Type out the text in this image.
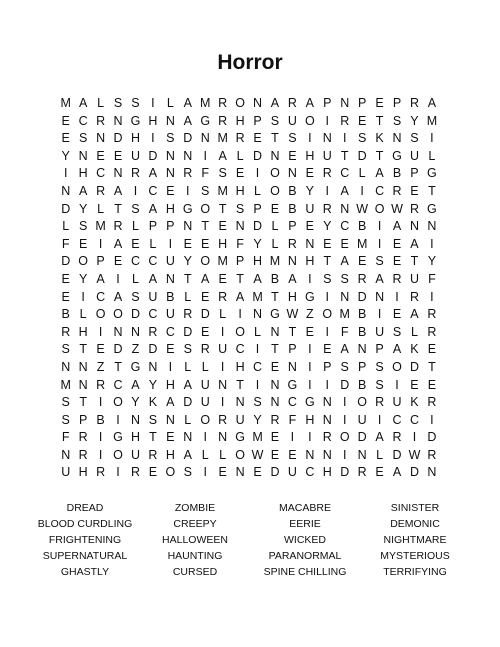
Horror
M A L S S I L A M R O N A R A P N P E P R A
E C R N G H N A G R H P S U O I R E T S Y M
E S N D H I S D N M R E T S I N I S K N S I
Y N E E U D N N I A L D N E H U T D T G U L
I H C N R A N R F S E I O N E R C L A B P G
N A R A I C E I S M H L O B Y I A I C R E T
D Y L T S A H G O T S P E B U R N W O W R G
L S M R L P P N T E N D L P E Y C B I A N N
F E I A E L I E E H F Y L R N E E M I E A I
D O P E C C U Y O M P H M N H T A E S E T Y
E Y A I L A N T A E T A B A I S S R A R U F
E I C A S U B L E R A M T H G I N D N I R I
B L O O D C U R D L I N G W Z O M B I E A R
R H I N N R C D E I O L N T E I F B U S L R
S T E D Z D E S R U C I T P I E A N P A K E
N N Z T G N I L L I H C E N I P S P S O D T
M N R C A Y H A U N T I N G I	I D B S I E E
S T I O Y K A D U I N S N C G N I O R U K R
S P B I N S N L O R U Y R F H N I U I C C I
F R I G H T E N I N G M E I	I R O D A R I D
N R I O U R H A L L O W E E N N I N L D W R
U H R I R E O S I E N E D U C H D R E A D N
DREAD	ZOMBIE	MACABRE	SINISTER
BLOOD CURDLING	CREEPY	EERIE	DEMONIC
FRIGHTENING	HALLOWEEN	WICKED	NIGHTMARE
SUPERNATURAL	HAUNTING	PARANORMAL	MYSTERIOUS
GHASTLY	CURSED	SPINE CHILLING	TERRIFYING
